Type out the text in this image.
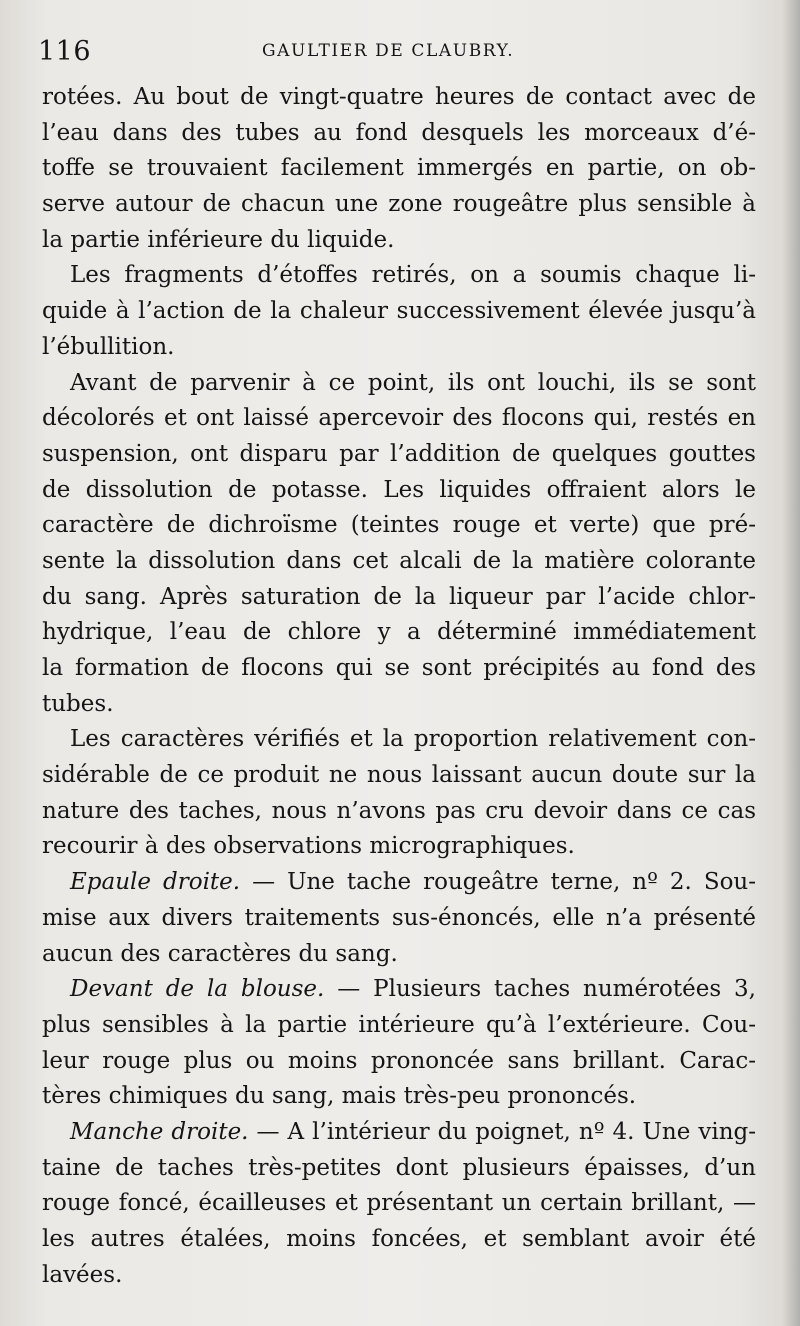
116	GAULTIER DE CLAUBRY.
rotées. Au bout de vingt-quatre heures de contact avec de
l’eau dans des tubes au fond desquels les morceaux d’é-
toffe se trouvaient facilement immergés en partie, on ob-
serve autour de chacun une zone rougeâtre plus sensible à
la partie inférieure du liquide.
Les fragments d’étoffes retirés, on a soumis chaque li-
quide à l’action de la chaleur successivement élevée jusqu’à
l’ébullition.
Avant de parvenir à ce point, ils ont louchi, ils se sont
décolorés et ont laissé apercevoir des flocons qui, restés en
suspension, ont disparu par l’addition de quelques gouttes
de dissolution de potasse. Les liquides offraient alors le
caractère de dichroïsme (teintes rouge et verte) que pré-
sente la dissolution dans cet alcali de la matière colorante
du sang. Après saturation de la liqueur par l’acide chlor-
hydrique, l’eau de chlore y a déterminé immédiatement
la formation de flocons qui se sont précipités au fond des
tubes.
Les caractères vérifiés et la proportion relativement con-
sidérable de ce produit ne nous laissant aucun doute sur la
nature des taches, nous n’avons pas cru devoir dans ce cas
recourir à des observations micrographiques.
Epaule droite. — Une tache rougeâtre terne, nº 2. Sou-
mise aux divers traitements sus-énoncés, elle n’a présenté
aucun des caractères du sang.
Devant de la blouse. — Plusieurs taches numérotées 3,
plus sensibles à la partie intérieure qu’à l’extérieure. Cou-
leur rouge plus ou moins prononcée sans brillant. Carac-
tères chimiques du sang, mais très-peu prononcés.
Manche droite. — A l’intérieur du poignet, nº 4. Une ving-
taine de taches très-petites dont plusieurs épaisses, d’un
rouge foncé, écailleuses et présentant un certain brillant, —
les autres étalées, moins foncées, et semblant avoir été
lavées.
